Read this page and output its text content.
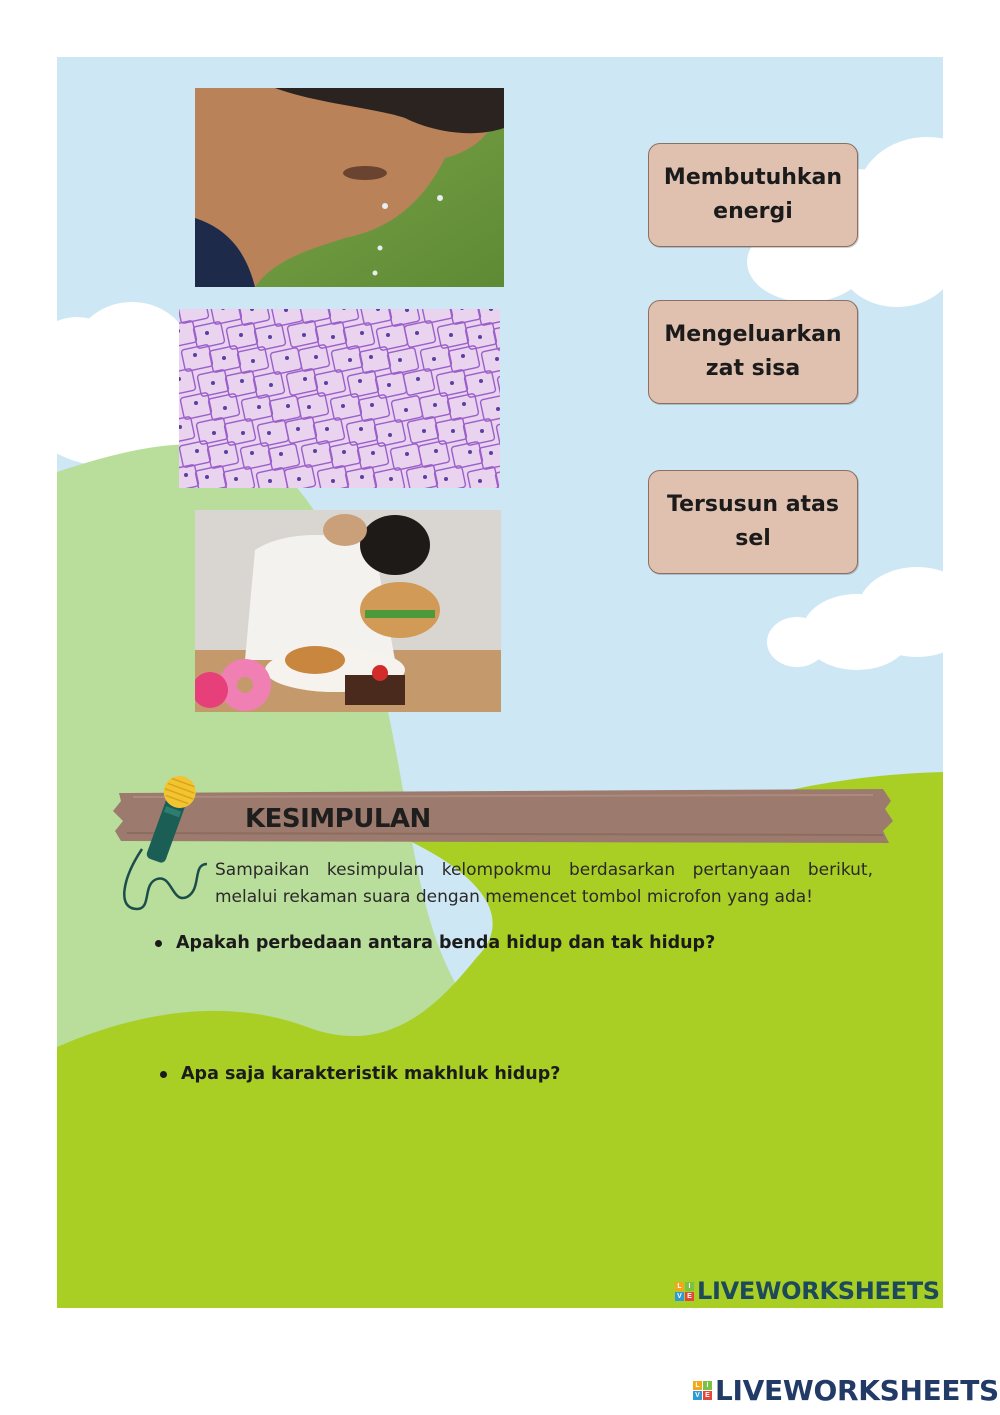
Membutuhkan
energi
Mengeluarkan
zat sisa
Tersusun atas
sel
KESIMPULAN
Sampaikan kesimpulan kelompokmu berdasarkan pertanyaan berikut, melalui rekaman suara dengan memencet tombol microfon yang ada!
Apakah perbedaan antara benda hidup dan tak hidup?
Apa saja karakteristik makhluk hidup?
L I
V E LIVEWORKSHEETS
L I
V E LIVEWORKSHEETS
